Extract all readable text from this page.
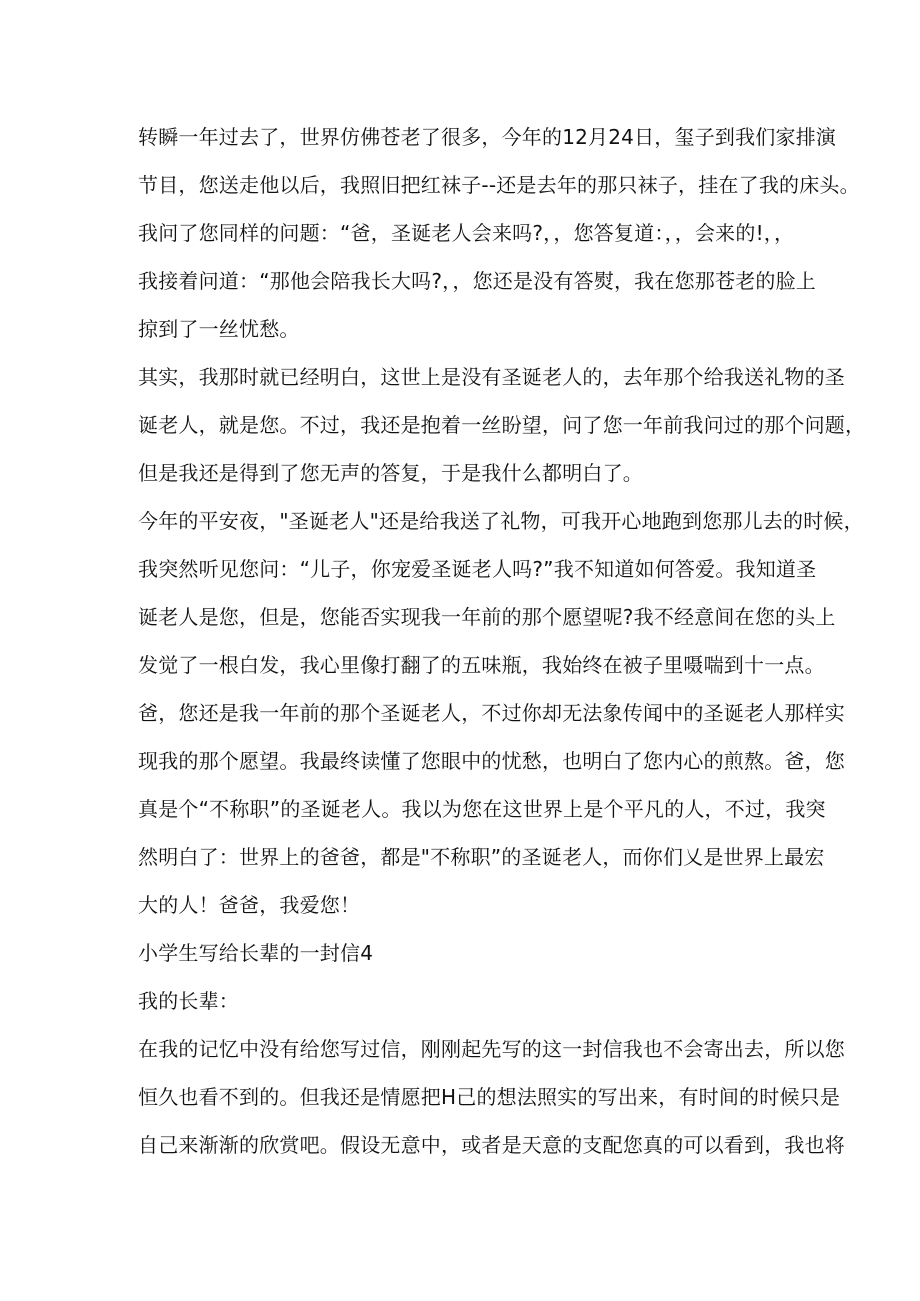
转瞬一年过去了，世界仿佛苍老了很多，今年的12月24日，玺子到我们家排演
节目，您送走他以后，我照旧把红袜子--还是去年的那只袜子，挂在了我的床头。
我问了您同样的问题：“爸，圣诞老人会来吗?，，您答复道：，，会来的!，，
我接着问道：“那他会陪我长大吗?，，您还是没有答熨，我在您那苍老的脸上
掠到了一丝忧愁。
其实，我那时就已经明白，这世上是没有圣诞老人的，去年那个给我送礼物的圣
诞老人，就是您。不过，我还是抱着一丝盼望，问了您一年前我问过的那个问题，
但是我还是得到了您无声的答复，于是我什么都明白了。
今年的平安夜，"圣诞老人"还是给我送了礼物，可我开心地跑到您那儿去的时候，
我突然听见您问：“儿子，你宠爱圣诞老人吗?”我不知道如何答爱。我知道圣
诞老人是您，但是，您能否实现我一年前的那个愿望呢?我不经意间在您的头上
发觉了一根白发，我心里像打翻了的五味瓶，我始终在被子里嗫喘到十一点。
爸，您还是我一年前的那个圣诞老人，不过你却无法象传闻中的圣诞老人那样实
现我的那个愿望。我最终读懂了您眼中的忧愁，也明白了您内心的煎熬。爸，您
真是个“不称职”的圣诞老人。我以为您在这世界上是个平凡的人，不过，我突
然明白了：世界上的爸爸，都是"不称职”的圣诞老人，而你们乂是世界上最宏
大的人！爸爸，我爱您！
小学生写给长辈的一封信4
我的长辈：
在我的记忆中没有给您写过信，刚刚起先写的这一封信我也不会寄出去，所以您
恒久也看不到的。但我还是情愿把H己的想法照实的写出来，有时间的时候只是
自己来渐渐的欣赏吧。假设无意中，或者是天意的支配您真的可以看到，我也将
